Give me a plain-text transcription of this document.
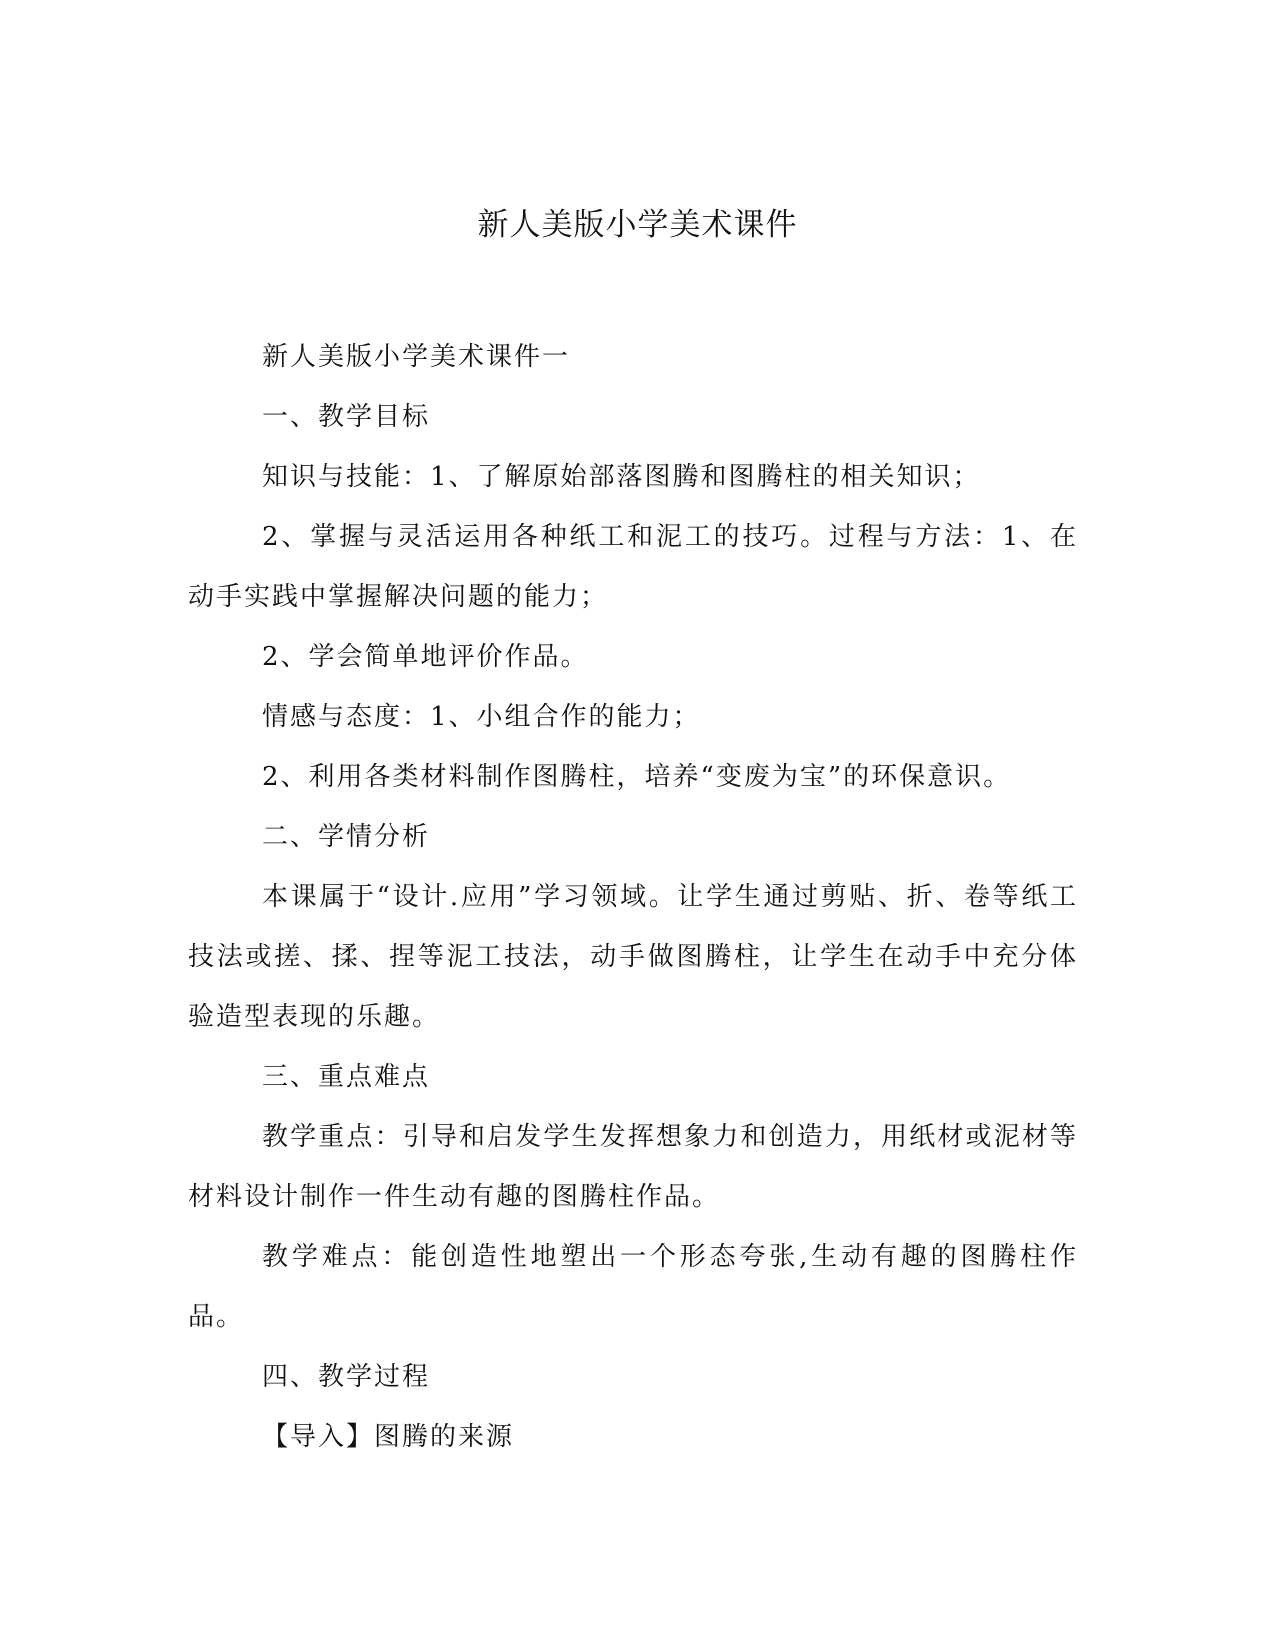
新人美版小学美术课件

新人美版小学美术课件一

一、教学目标

知识与技能：1、了解原始部落图腾和图腾柱的相关知识；

2、掌握与灵活运用各种纸工和泥工的技巧。过程与方法：1、在动手实践中掌握解决问题的能力；

2、学会简单地评价作品。

情感与态度：1、小组合作的能力；

2、利用各类材料制作图腾柱，培养“变废为宝”的环保意识。

二、学情分析

本课属于“设计.应用”学习领域。让学生通过剪贴、折、卷等纸工技法或搓、揉、捏等泥工技法，动手做图腾柱，让学生在动手中充分体验造型表现的乐趣。

三、重点难点

教学重点：引导和启发学生发挥想象力和创造力，用纸材或泥材等材料设计制作一件生动有趣的图腾柱作品。

教学难点：能创造性地塑出一个形态夸张,生动有趣的图腾柱作品。

四、教学过程

【导入】图腾的来源
